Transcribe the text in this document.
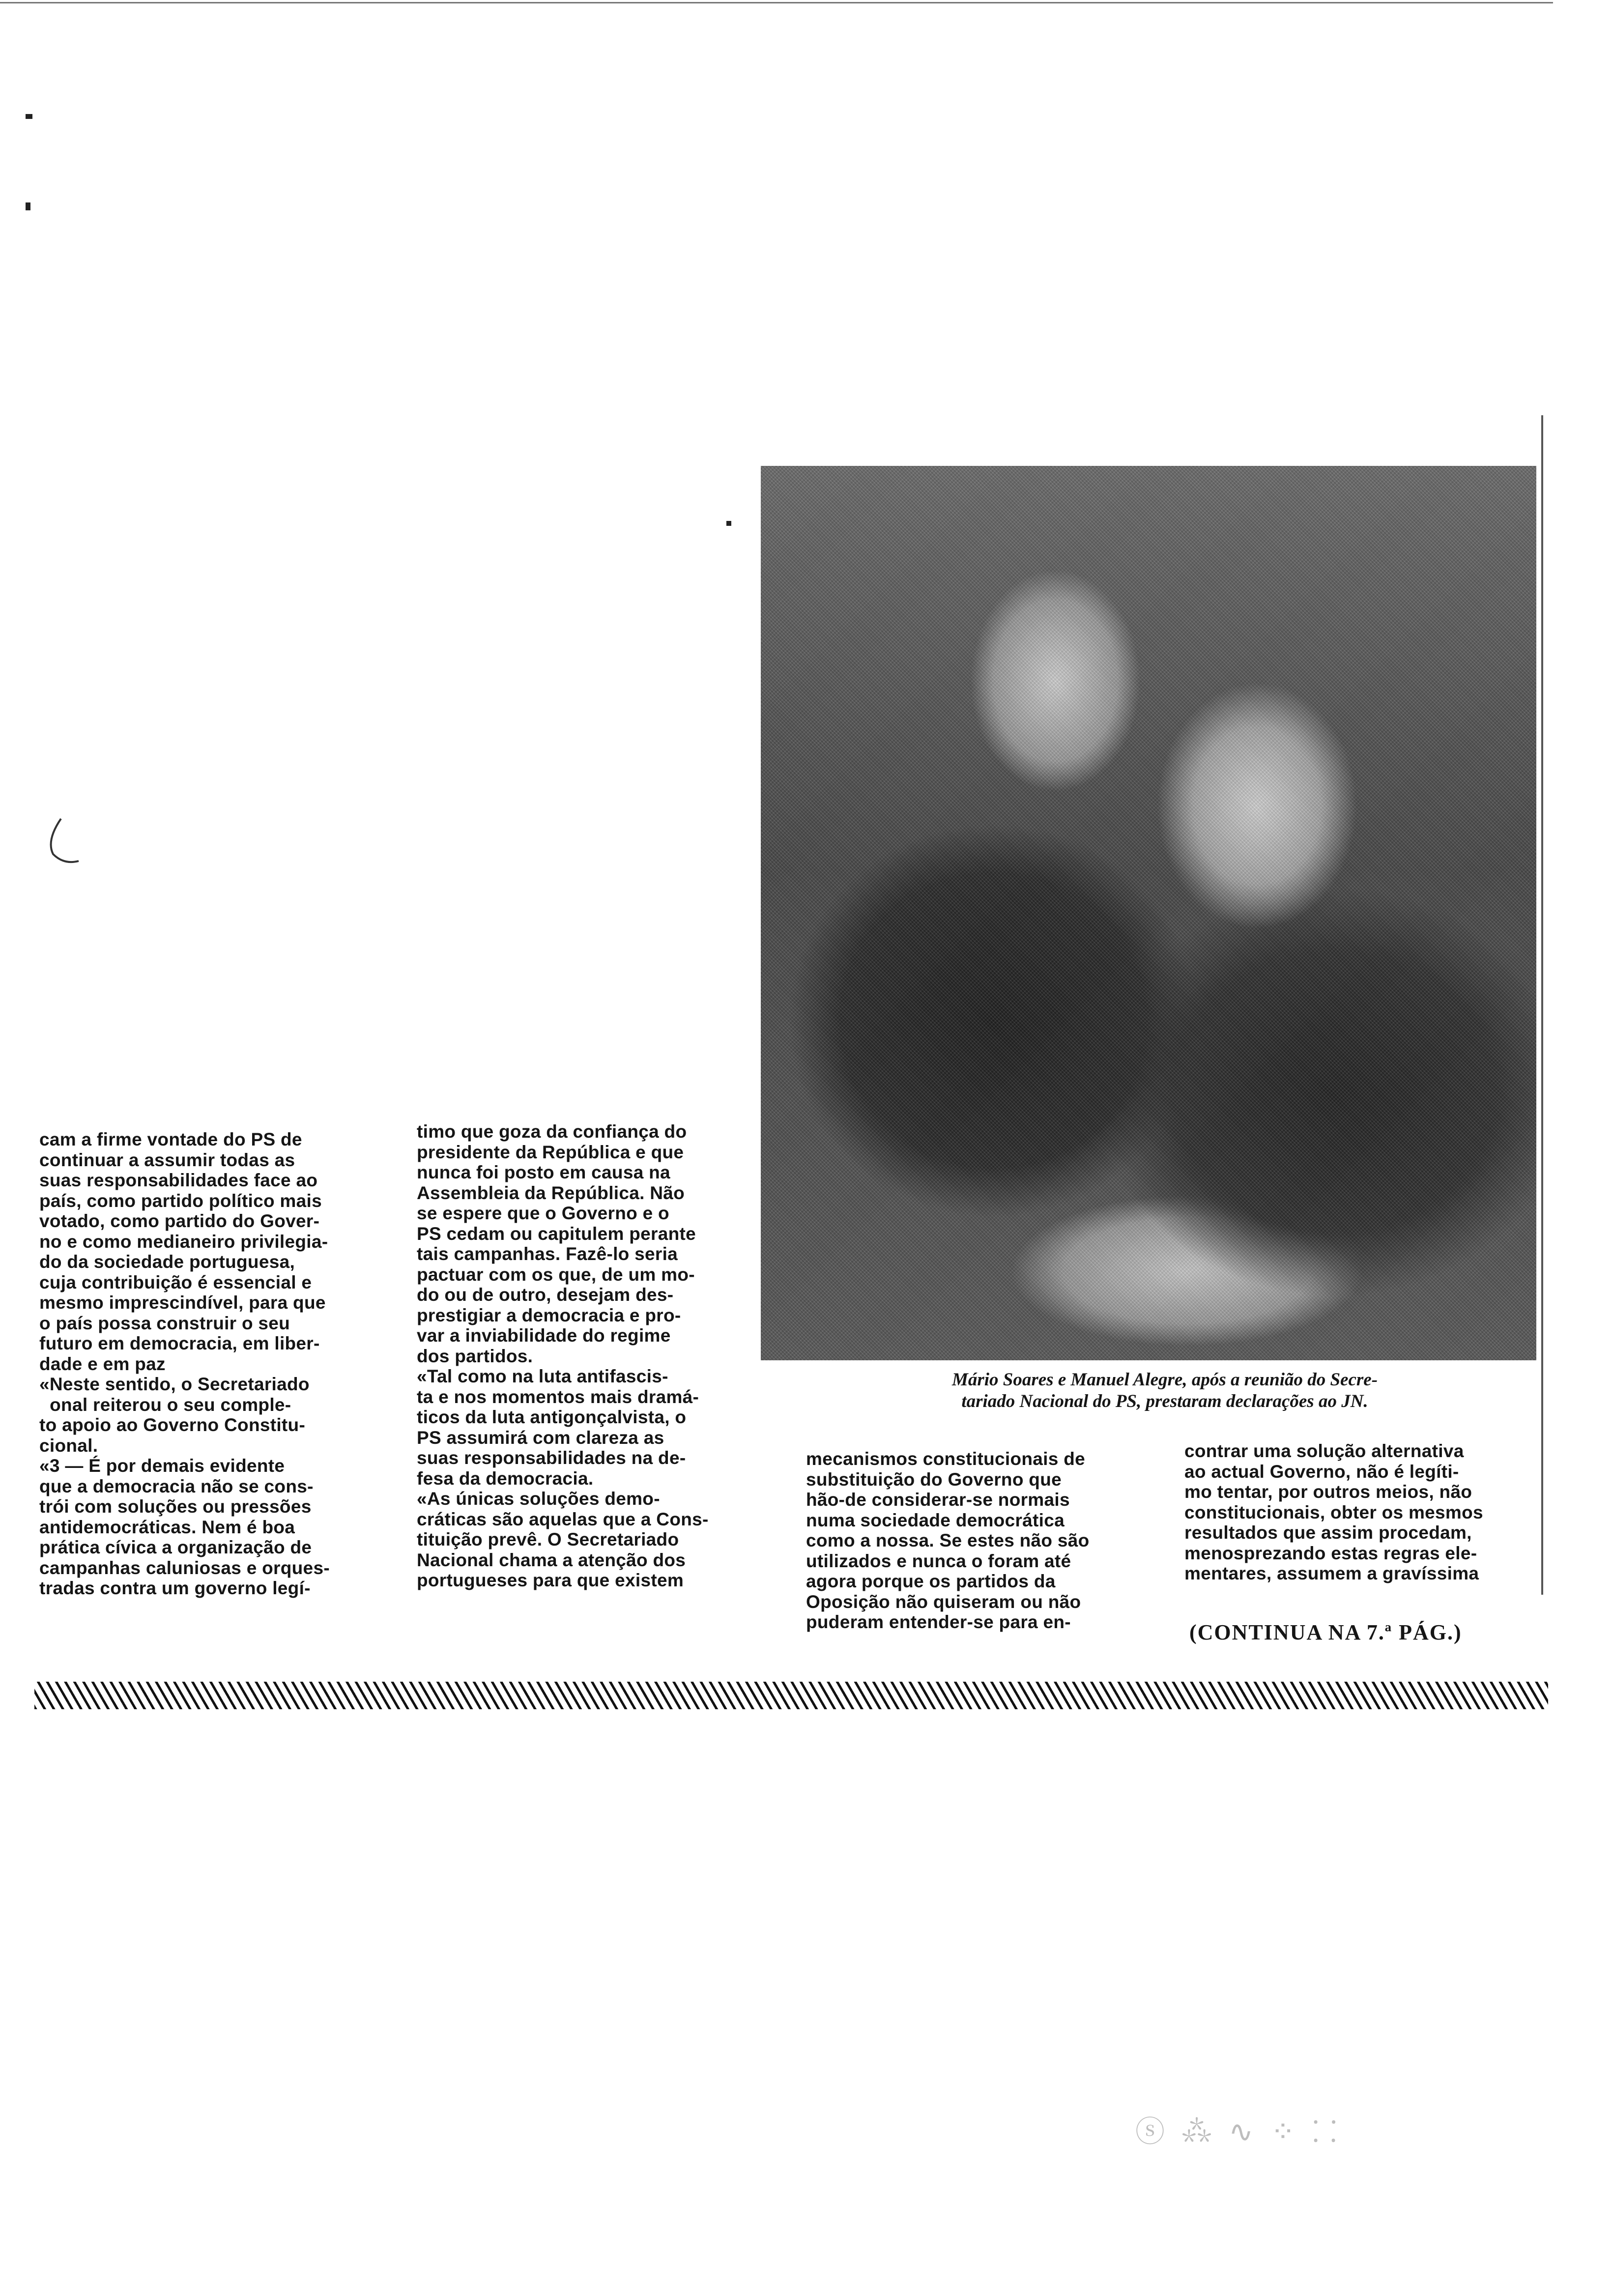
cam a firme vontade do PS de

continuar a assumir todas as

suas responsabilidades face ao

país, como partido político mais

votado, como partido do Gover-

no e como medianeiro privilegia-

do da sociedade portuguesa,

cuja contribuição é essencial e

mesmo imprescindível, para que

o país possa construir o seu

futuro em democracia, em liber-

dade e em paz

«Neste sentido, o Secretariado

onal reiterou o seu comple-

to apoio ao Governo Constitu-

cional.

«3 — É por demais evidente

que a democracia não se cons-

trói com soluções ou pressões

antidemocráticas. Nem é boa

prática cívica a organização de

campanhas caluniosas e orques-

tradas contra um governo legí-

timo que goza da confiança do

presidente da República e que

nunca foi posto em causa na

Assembleia da República. Não

se espere que o Governo e o

PS cedam ou capitulem perante

tais campanhas. Fazê-lo seria

pactuar com os que, de um mo-

do ou de outro, desejam des-

prestigiar a democracia e pro-

var a inviabilidade do regime

dos partidos.

«Tal como na luta antifascis-

ta e nos momentos mais dramá-

ticos da luta antigonçalvista, o

PS assumirá com clareza as

suas responsabilidades na de-

fesa da democracia.

«As únicas soluções demo-

cráticas são aquelas que a Cons-

tituição prevê. O Secretariado

Nacional chama a atenção dos

portugueses para que existem

mecanismos constitucionais de

substituição do Governo que

hão-de considerar-se normais

numa sociedade democrática

como a nossa. Se estes não são

utilizados e nunca o foram até

agora porque os partidos da

Oposição não quiseram ou não

puderam entender-se para en-

contrar uma solução alternativa

ao actual Governo, não é legíti-

mo tentar, por outros meios, não

constitucionais, obter os mesmos

resultados que assim procedam,

menosprezando estas regras ele-

mentares, assumem a gravíssima

Mário Soares e Manuel Alegre, após a reunião do Secre-
tariado Nacional do PS, prestaram declarações ao JN.
(CONTINUA NA 7.ª PÁG.)
ⓢ ⁂ ∿ ⁘ ⸬
